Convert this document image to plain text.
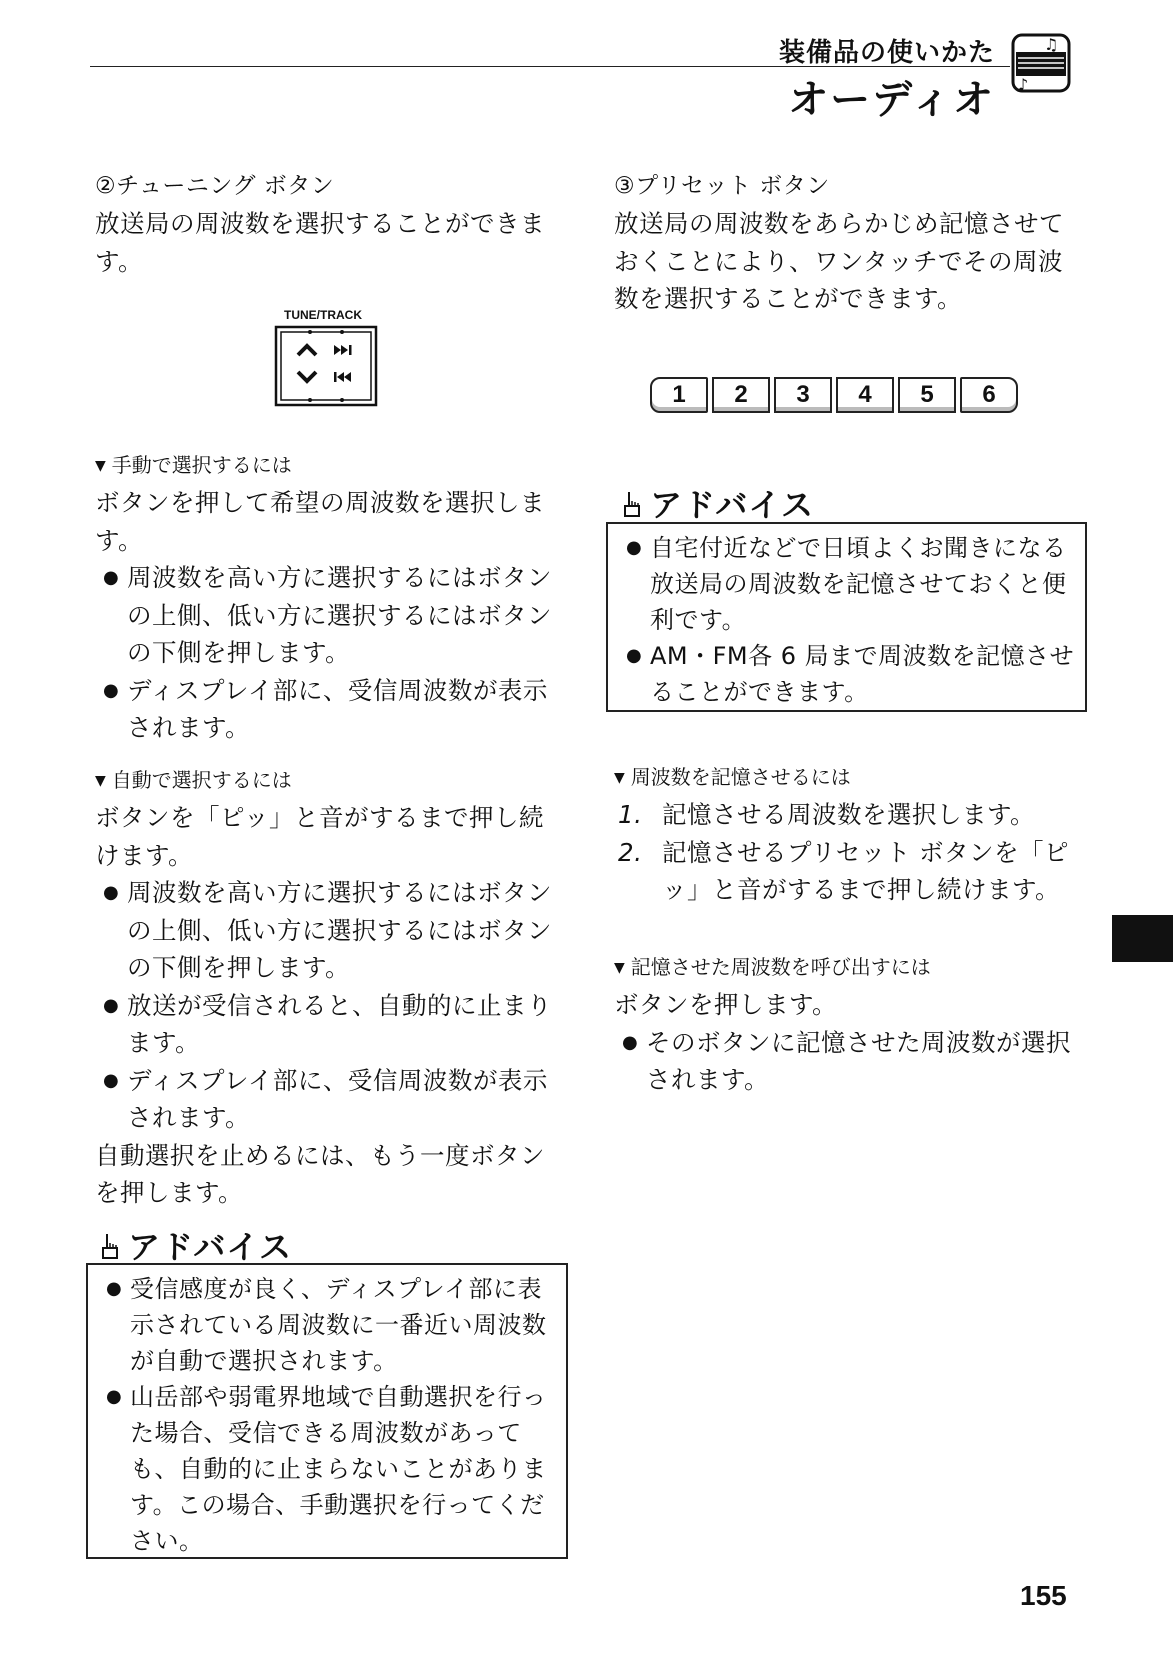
装備品の使いかた
オーディオ
♫
♪
②チューニング ボタン
放送局の周波数を選択することができま
す。
TUNE/TRACK
▼ 手動で選択するには
ボタンを押して希望の周波数を選択しま
す。
● 周波数を高い方に選択するにはボタン
の上側、低い方に選択するにはボタン
の下側を押します。
● ディスプレイ部に、受信周波数が表示
されます。
▼ 自動で選択するには
ボタンを「ピッ」と音がするまで押し続
けます。
● 周波数を高い方に選択するにはボタン
の上側、低い方に選択するにはボタン
の下側を押します。
● 放送が受信されると、自動的に止まり
ます。
● ディスプレイ部に、受信周波数が表示
されます。
自動選択を止めるには、もう一度ボタン
を押します。
アドバイス
● 受信感度が良く、ディスプレイ部に表
示されている周波数に一番近い周波数
が自動で選択されます。
● 山岳部や弱電界地域で自動選択を行っ
た場合、受信できる周波数があって
も、自動的に止まらないことがありま
す。この場合、手動選択を行ってくだ
さい。
③プリセット ボタン
放送局の周波数をあらかじめ記憶させて
おくことにより、ワンタッチでその周波
数を選択することができます。
1	2	3	4	5	6
アドバイス
● 自宅付近などで日頃よくお聞きになる
放送局の周波数を記憶させておくと便
利です。
● AM・FM各 6 局まで周波数を記憶させ
ることができます。
▼ 周波数を記憶させるには
1. 記憶させる周波数を選択します。
2. 記憶させるプリセット ボタンを「ピ
ッ」と音がするまで押し続けます。
▼ 記憶させた周波数を呼び出すには
ボタンを押します。
● そのボタンに記憶させた周波数が選択
されます。
155
